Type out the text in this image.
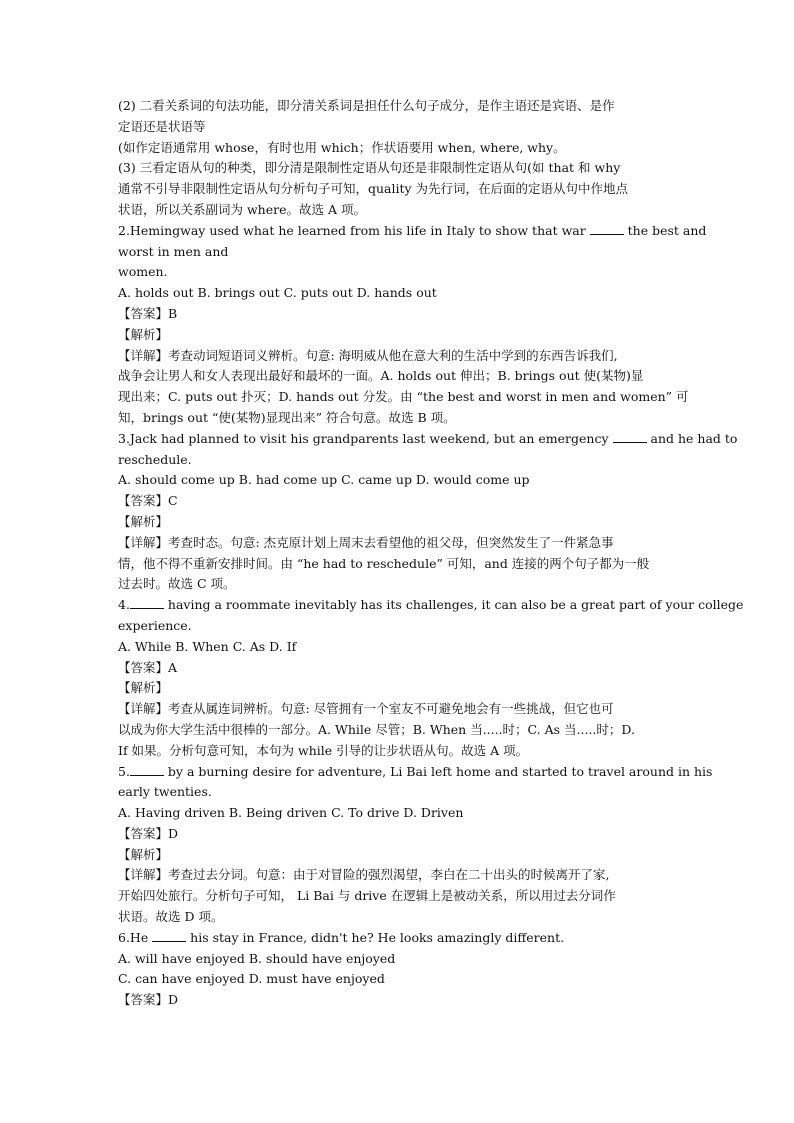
(2) 二看关系词的句法功能，即分清关系词是担任什么句子成分，是作主语还是宾语、是作
定语还是状语等
(如作定语通常用 whose，有时也用 which；作状语要用 when, where, why。
(3) 三看定语从句的种类，即分清是限制性定语从句还是非限制性定语从句(如 that 和 why
通常不引导非限制性定语从句分析句子可知，quality 为先行词，在后面的定语从句中作地点
状语，所以关系副词为 where。故选 A 项。
2.Hemingway used what he learned from his life in Italy to show that war	the best and
worst in men and
women.
A. holds out B. brings out C. puts out D. hands out
【答案】B
【解析】
【详解】考查动词短语词义辨析。句意: 海明威从他在意大利的生活中学到的东西告诉我们,
战争会让男人和女人表现出最好和最坏的一面。A. holds out 伸出；B. brings out 使(某物)显
现出来；C. puts out 扑灭；D. hands out 分发。由 “the best and worst in men and women” 可
知，brings out “使(某物)显现出来” 符合句意。故选 B 项。
3.Jack had planned to visit his grandparents last weekend, but an emergency	and he had to
reschedule.
A. should come up B. had come up C. came up D. would come up
【答案】C
【解析】
【详解】考查时态。句意: 杰克原计划上周末去看望他的祖父母，但突然发生了一件紧急事
情，他不得不重新安排时间。由 “he had to reschedule” 可知，and 连接的两个句子都为一般
过去时。故选 C 项。
4.	having a roommate inevitably has its challenges, it can also be a great part of your college
experience.
A. While B. When C. As D. If
【答案】A
【解析】
【详解】考查从属连词辨析。句意: 尽管拥有一个室友不可避免地会有一些挑战，但它也可
以成为你大学生活中很棒的一部分。A. While 尽管；B. When 当.....时；C. As 当.....时；D.
If 如果。分析句意可知，本句为 while 引导的让步状语从句。故选 A 项。
5.	by a burning desire for adventure, Li Bai left home and started to travel around in his
early twenties.
A. Having driven B. Being driven C. To drive D. Driven
【答案】D
【解析】
【详解】考查过去分词。句意：由于对冒险的强烈渴望，李白在二十出头的时候离开了家,
开始四处旅行。分析句子可知， Li Bai 与 drive 在逻辑上是被动关系，所以用过去分词作
状语。故选 D 项。
6.He	his stay in France, didn't he? He looks amazingly different.
A. will have enjoyed B. should have enjoyed
C. can have enjoyed D. must have enjoyed
【答案】D
